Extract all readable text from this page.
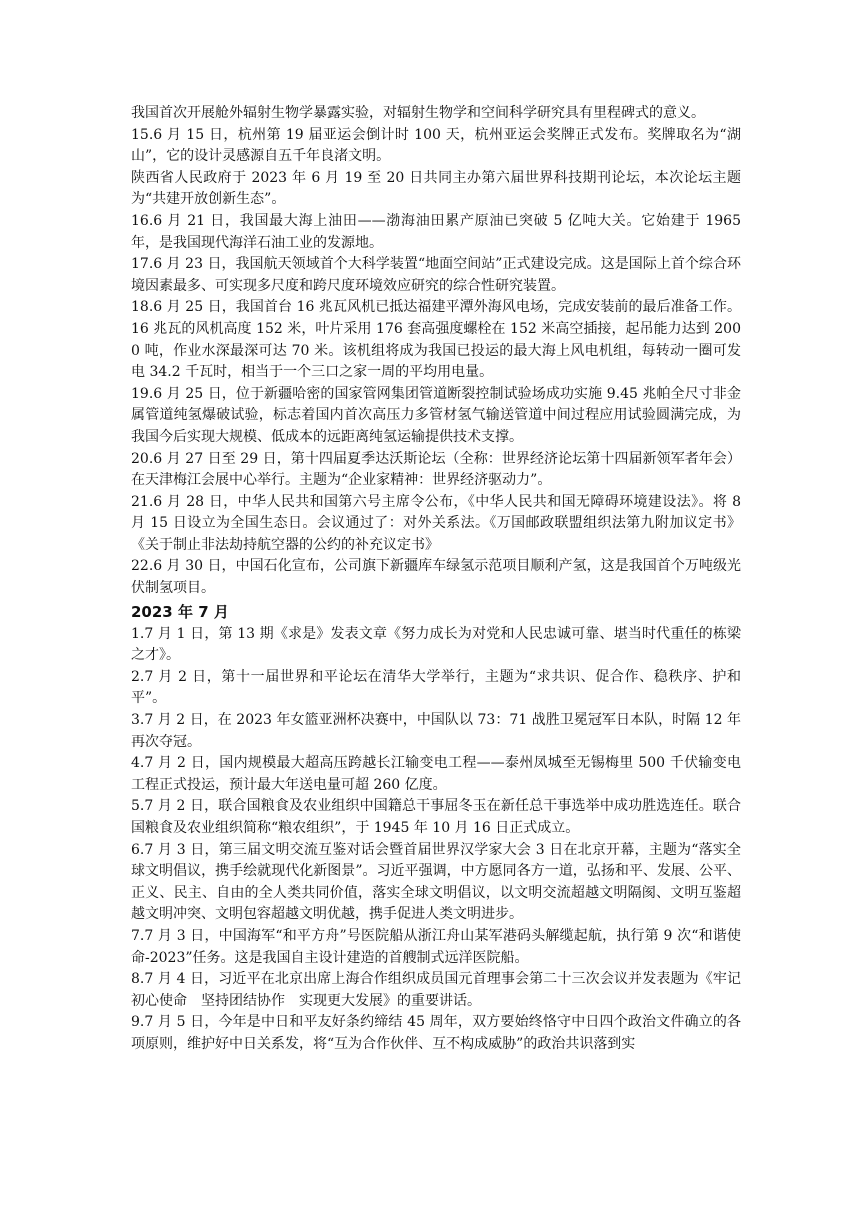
我国首次开展舱外辐射生物学暴露实验，对辐射生物学和空间科学研究具有里程碑式的意义。

15.6 月 15 日，杭州第 19 届亚运会倒计时 100 天，杭州亚运会奖牌正式发布。奖牌取名为“湖山”，它的设计灵感源自五千年良渚文明。

陕西省人民政府于 2023 年 6 月 19 至 20 日共同主办第六届世界科技期刊论坛，本次论坛主题为“共建开放创新生态”。

16.6 月 21 日，我国最大海上油田——渤海油田累产原油已突破 5 亿吨大关。它始建于 1965 年，是我国现代海洋石油工业的发源地。

17.6 月 23 日，我国航天领域首个大科学装置“地面空间站”正式建设完成。这是国际上首个综合环境因素最多、可实现多尺度和跨尺度环境效应研究的综合性研究装置。

18.6 月 25 日，我国首台 16 兆瓦风机已抵达福建平潭外海风电场，完成安装前的最后准备工作。16 兆瓦的风机高度 152 米，叶片采用 176 套高强度螺栓在 152 米高空插接，起吊能力达到 2000 吨，作业水深最深可达 70 米。该机组将成为我国已投运的最大海上风电机组，每转动一圈可发电 34.2 千瓦时，相当于一个三口之家一周的平均用电量。

19.6 月 25 日，位于新疆哈密的国家管网集团管道断裂控制试验场成功实施 9.45 兆帕全尺寸非金属管道纯氢爆破试验，标志着国内首次高压力多管材氢气输送管道中间过程应用试验圆满完成，为我国今后实现大规模、低成本的远距离纯氢运输提供技术支撑。

20.6 月 27 日至 29 日，第十四届夏季达沃斯论坛（全称：世界经济论坛第十四届新领军者年会）在天津梅江会展中心举行。主题为“企业家精神：世界经济驱动力”。

21.6 月 28 日，中华人民共和国第六号主席令公布，《中华人民共和国无障碍环境建设法》。将 8 月 15 日设立为全国生态日。会议通过了：对外关系法。《万国邮政联盟组织法第九附加议定书》《关于制止非法劫持航空器的公约的补充议定书》

22.6 月 30 日，中国石化宣布，公司旗下新疆库车绿氢示范项目顺利产氢，这是我国首个万吨级光伏制氢项目。

2023 年 7 月

1.7 月 1 日，第 13 期《求是》发表文章《努力成长为对党和人民忠诚可靠、堪当时代重任的栋梁之才》。

2.7 月 2 日，第十一届世界和平论坛在清华大学举行，主题为“求共识、促合作、稳秩序、护和平”。

3.7 月 2 日，在 2023 年女篮亚洲杯决赛中，中国队以 73：71 战胜卫冕冠军日本队，时隔 12 年再次夺冠。

4.7 月 2 日，国内规模最大超高压跨越长江输变电工程——泰州凤城至无锡梅里 500 千伏输变电工程正式投运，预计最大年送电量可超 260 亿度。

5.7 月 2 日，联合国粮食及农业组织中国籍总干事屈冬玉在新任总干事选举中成功胜选连任。联合国粮食及农业组织简称“粮农组织”，于 1945 年 10 月 16 日正式成立。

6.7 月 3 日，第三届文明交流互鉴对话会暨首届世界汉学家大会 3 日在北京开幕，主题为“落实全球文明倡议，携手绘就现代化新图景”。习近平强调，中方愿同各方一道，弘扬和平、发展、公平、正义、民主、自由的全人类共同价值，落实全球文明倡议，以文明交流超越文明隔阂、文明互鉴超越文明冲突、文明包容超越文明优越，携手促进人类文明进步。

7.7 月 3 日，中国海军“和平方舟”号医院船从浙江舟山某军港码头解缆起航，执行第 9 次“和谐使命-2023”任务。这是我国自主设计建造的首艘制式远洋医院船。

8.7 月 4 日，习近平在北京出席上海合作组织成员国元首理事会第二十三次会议并发表题为《牢记初心使命　坚持团结协作　实现更大发展》的重要讲话。

9.7 月 5 日，今年是中日和平友好条约缔结 45 周年，双方要始终恪守中日四个政治文件确立的各项原则，维护好中日关系发，将“互为合作伙伴、互不构成威胁”的政治共识落到实
